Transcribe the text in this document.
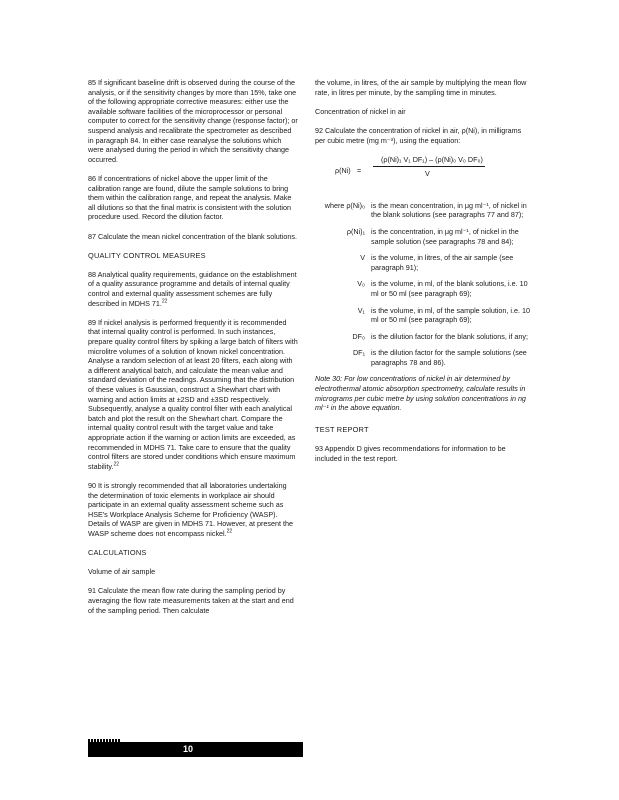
85 If significant baseline drift is observed during the course of the analysis, or if the sensitivity changes by more than 15%, take one of the following appropriate corrective measures: either use the available software facilities of the microprocessor or personal computer to correct for the sensitivity change (response factor); or suspend analysis and recalibrate the spectrometer as described in paragraph 84. In either case reanalyse the solutions which were analysed during the period in which the sensitivity change occurred.

86 If concentrations of nickel above the upper limit of the calibration range are found, dilute the sample solutions to bring them within the calibration range, and repeat the analysis. Make all dilutions so that the final matrix is consistent with the solution procedure used. Record the dilution factor.

87 Calculate the mean nickel concentration of the blank solutions.

QUALITY CONTROL MEASURES

88 Analytical quality requirements, guidance on the establishment of a quality assurance programme and details of internal quality control and external quality assessment schemes are fully described in MDHS 71.22

89 If nickel analysis is performed frequently it is recommended that internal quality control is performed. In such instances, prepare quality control filters by spiking a large batch of filters with microlitre volumes of a solution of known nickel concentration. Analyse a random selection of at least 20 filters, each along with a different analytical batch, and calculate the mean value and standard deviation of the readings. Assuming that the distribution of these values is Gaussian, construct a Shewhart chart with warning and action limits at ±2SD and ±3SD respectively. Subsequently, analyse a quality control filter with each analytical batch and plot the result on the Shewhart chart. Compare the internal quality control result with the target value and take appropriate action if the warning or action limits are exceeded, as recommended in MDHS 71. Take care to ensure that the quality control filters are stored under conditions which ensure maximum stability.$^{22}$

90 It is strongly recommended that all laboratories undertaking the determination of toxic elements in workplace air should participate in an external quality assessment scheme such as HSE's Workplace Analysis Scheme for Proficiency (WASP). Details of WASP are given in MDHS 71. However, at present the WASP scheme does not encompass nickel.$^{22}$

CALCULATIONS
Volume of air sample

91 Calculate the mean flow rate during the sampling period by averaging the flow rate measurements taken at the start and end of the sampling period. Then calculate

the volume, in litres, of the air sample by multiplying the mean flow rate, in litres per minute, by the sampling time in minutes.

Concentration of nickel in air

92 Calculate the concentration of nickel in air, ρ(Ni), in milligrams per cubic metre (mg m⁻³), using the equation:

ρ(Ni) =
(ρ(Ni)₁ V₁ DF₁) – (ρ(Ni)₀ V₀ DF₀)
V
where ρ(Ni)₀ is the mean concentration, in μg ml⁻¹, of nickel in the blank solutions (see paragraphs 77 and 87);
ρ(Ni)₁ is the concentration, in μg ml⁻¹, of nickel in the sample solution (see paragraphs 78 and 84);
V is the volume, in litres, of the air sample (see paragraph 91);
V₀ is the volume, in ml, of the blank solutions, i.e. 10 ml or 50 ml (see paragraph 69);
V₁ is the volume, in ml, of the sample solution, i.e. 10 ml or 50 ml (see paragraph 69);
DF₀ is the dilution factor for the blank solutions, if any;
DF₁ is the dilution factor for the sample solutions (see paragraphs 78 and 86).

Note 30: For low concentrations of nickel in air determined by electrothermal atomic absorption spectrometry, calculate results in micrograms per cubic metre by using solution concentrations in ng ml⁻¹ in the above equation.

TEST REPORT

93 Appendix D gives recommendations for information to be included in the test report.

10
